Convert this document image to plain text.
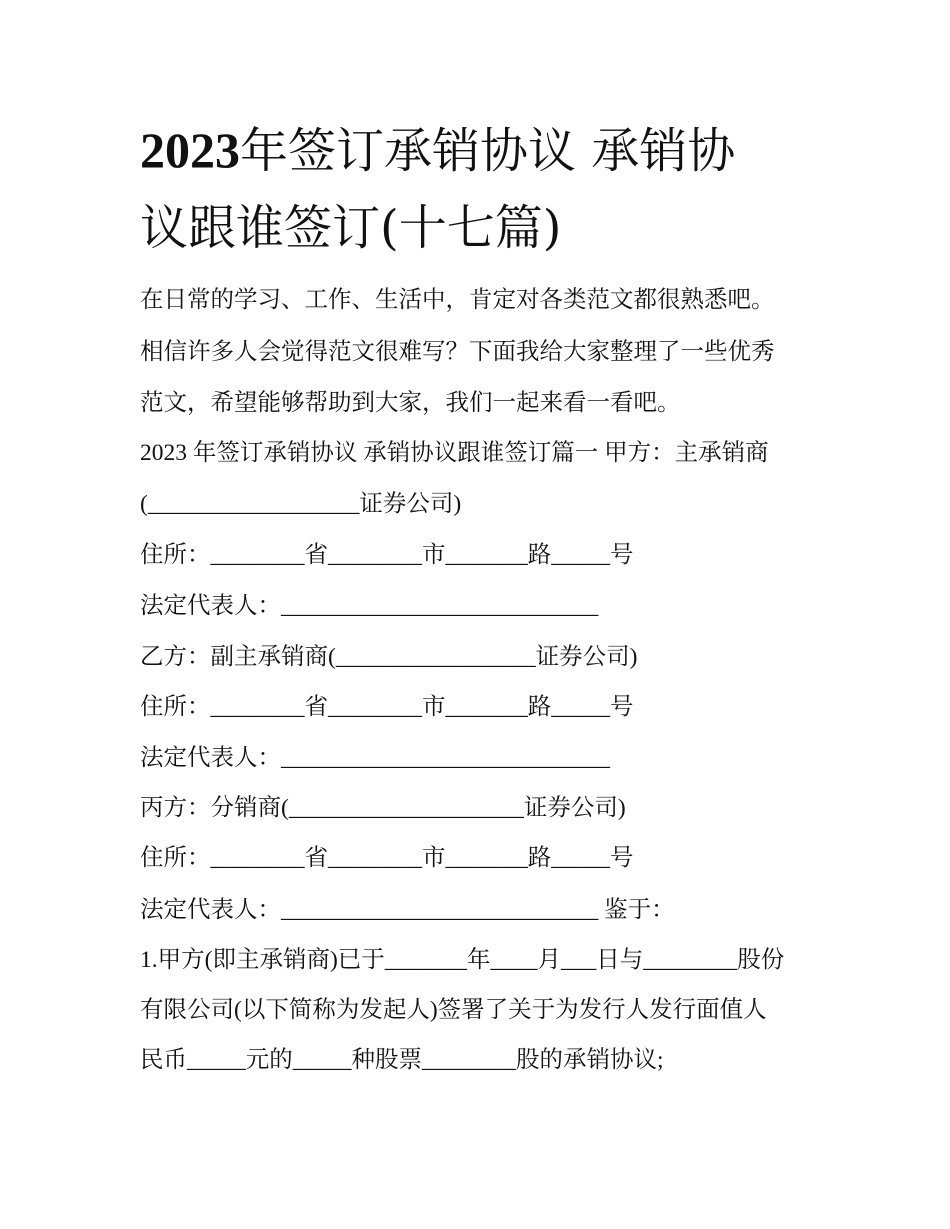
2023年签订承销协议 承销协
议跟谁签订(十七篇)
在日常的学习、工作、生活中，肯定对各类范文都很熟悉吧。
相信许多人会觉得范文很难写？下面我给大家整理了一些优秀
范文，希望能够帮助到大家，我们一起来看一看吧。
2023 年签订承销协议 承销协议跟谁签订篇一 甲方：主承销商
(__________________证券公司)
住所：________省________市_______路_____号
法定代表人：___________________________
乙方：副主承销商(_________________证券公司)
住所：________省________市_______路_____号
法定代表人：____________________________
丙方：分销商(____________________证券公司)
住所：________省________市_______路_____号
法定代表人：___________________________ 鉴于：
1.甲方(即主承销商)已于_______年____月___日与________股份
有限公司(以下简称为发起人)签署了关于为发行人发行面值人
民币_____元的_____种股票________股的承销协议;
